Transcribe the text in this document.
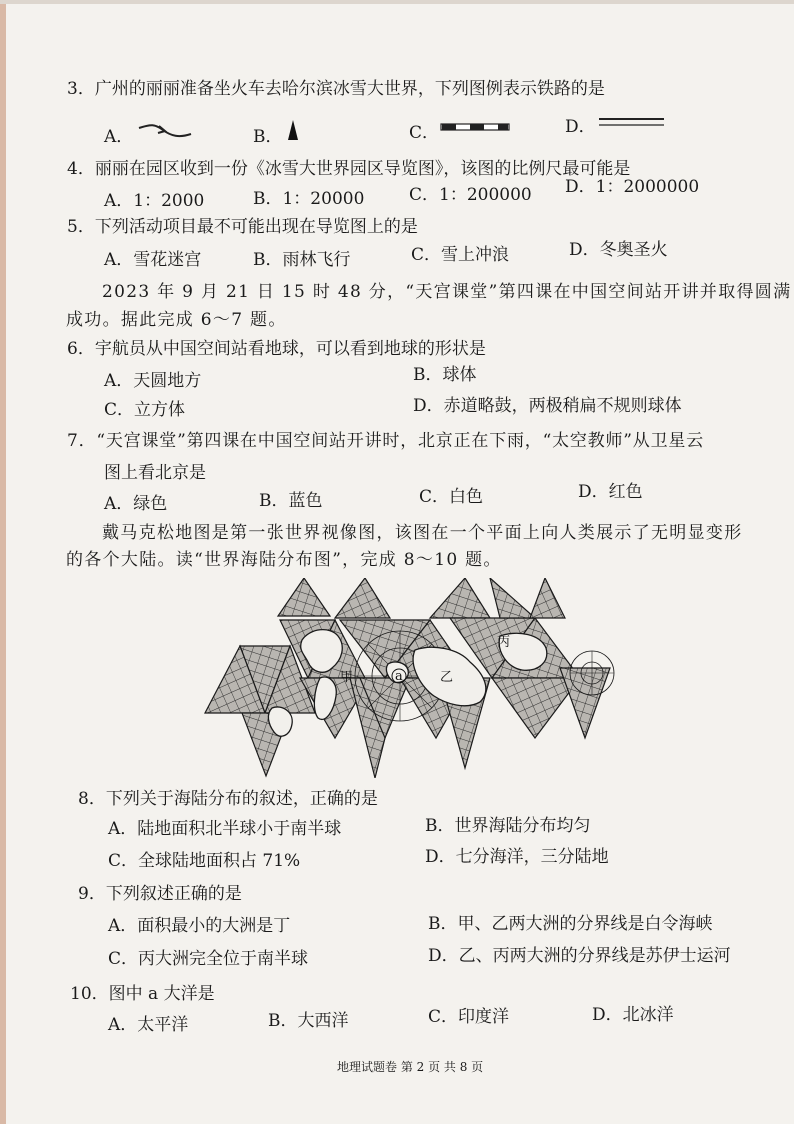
3．广州的丽丽准备坐火车去哈尔滨冰雪大世界，下列图例表示铁路的是
A．	B．	C．	D．
4．丽丽在园区收到一份《冰雪大世界园区导览图》，该图的比例尺最可能是
A．1：2000	B．1：20000	C．1：200000 D．1：2000000
5．下列活动项目最不可能出现在导览图上的是
A．雪花迷宫	B．雨林飞行	C．雪上冲浪	D．冬奥圣火
2023 年 9 月 21 日 15 时 48 分，“天宫课堂”第四课在中国空间站开讲并取得圆满
成功。据此完成 6～7 题。
6．宇航员从中国空间站看地球，可以看到地球的形状是
A．天圆地方	B．球体
C．立方体	D．赤道略鼓，两极稍扁不规则球体
7．“天宫课堂”第四课在中国空间站开讲时，北京正在下雨，“太空教师”从卫星云
图上看北京是
A．绿色	B．蓝色	C．白色	D．红色
戴马克松地图是第一张世界视像图，该图在一个平面上向人类展示了无明显变形
的各个大陆。读“世界海陆分布图”，完成 8～10 题。
甲	乙
丙
a
8．下列关于海陆分布的叙述，正确的是
A．陆地面积北半球小于南半球	B．世界海陆分布均匀
C．全球陆地面积占 71%	D．七分海洋，三分陆地
9．下列叙述正确的是
A．面积最小的大洲是丁	B．甲、乙两大洲的分界线是白令海峡
C．丙大洲完全位于南半球	D．乙、丙两大洲的分界线是苏伊士运河
10．图中 a 大洋是
A．太平洋	B．大西洋	C．印度洋	D．北冰洋
地理试题卷 第 2 页 共 8 页
